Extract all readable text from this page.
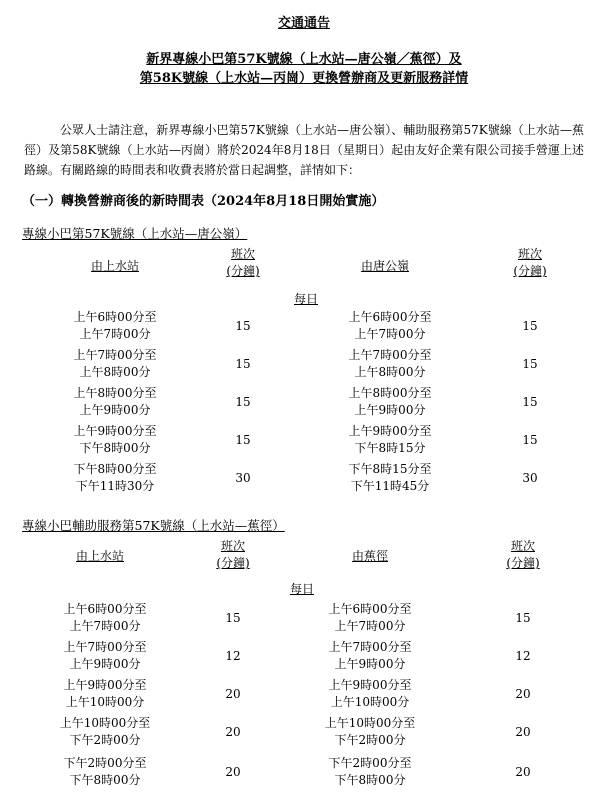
交通通告
新界專線小巴第57K號線（上水站—唐公嶺／蕉徑）及
第58K號線（上水站—丙崗）更換營辦商及更新服務詳情
公眾人士請注意，新界專線小巴第57K號線（上水站—唐公嶺）、輔助服務第57K號線（上水站—蕉徑）及第58K號線（上水站—丙崗）將於2024年8月18日（星期日）起由友好企業有限公司接手營運上述路線。有關路線的時間表和收費表將於當日起調整，詳情如下：
（一）轉換營辦商後的新時間表（2024年8月18日開始實施）
專線小巴第57K號線（上水站—唐公嶺）
由上水站
班次
(分鐘)	由唐公嶺
班次
(分鐘)
每日
上午6時00分至
上午7時00分
15
上午6時00分至
上午7時00分
15
上午7時00分至
上午8時00分
15
上午7時00分至
上午8時00分
15
上午8時00分至
上午9時00分
15
上午8時00分至
上午9時00分
15
上午9時00分至
下午8時00分
15
上午9時00分至
下午8時15分
15
下午8時00分至
下午11時30分
30
下午8時15分至
下午11時45分
30
專線小巴輔助服務第57K號線（上水站—蕉徑）
由上水站
班次
(分鐘)	由蕉徑
班次
(分鐘)
每日
上午6時00分至
上午7時00分
15
上午6時00分至
上午7時00分
15
上午7時00分至
上午9時00分
12
上午7時00分至
上午9時00分
12
上午9時00分至
上午10時00分
20
上午9時00分至
上午10時00分
20
上午10時00分至
下午2時00分
20
上午10時00分至
下午2時00分
20
下午2時00分至
下午8時00分
20
下午2時00分至
下午8時00分
20
